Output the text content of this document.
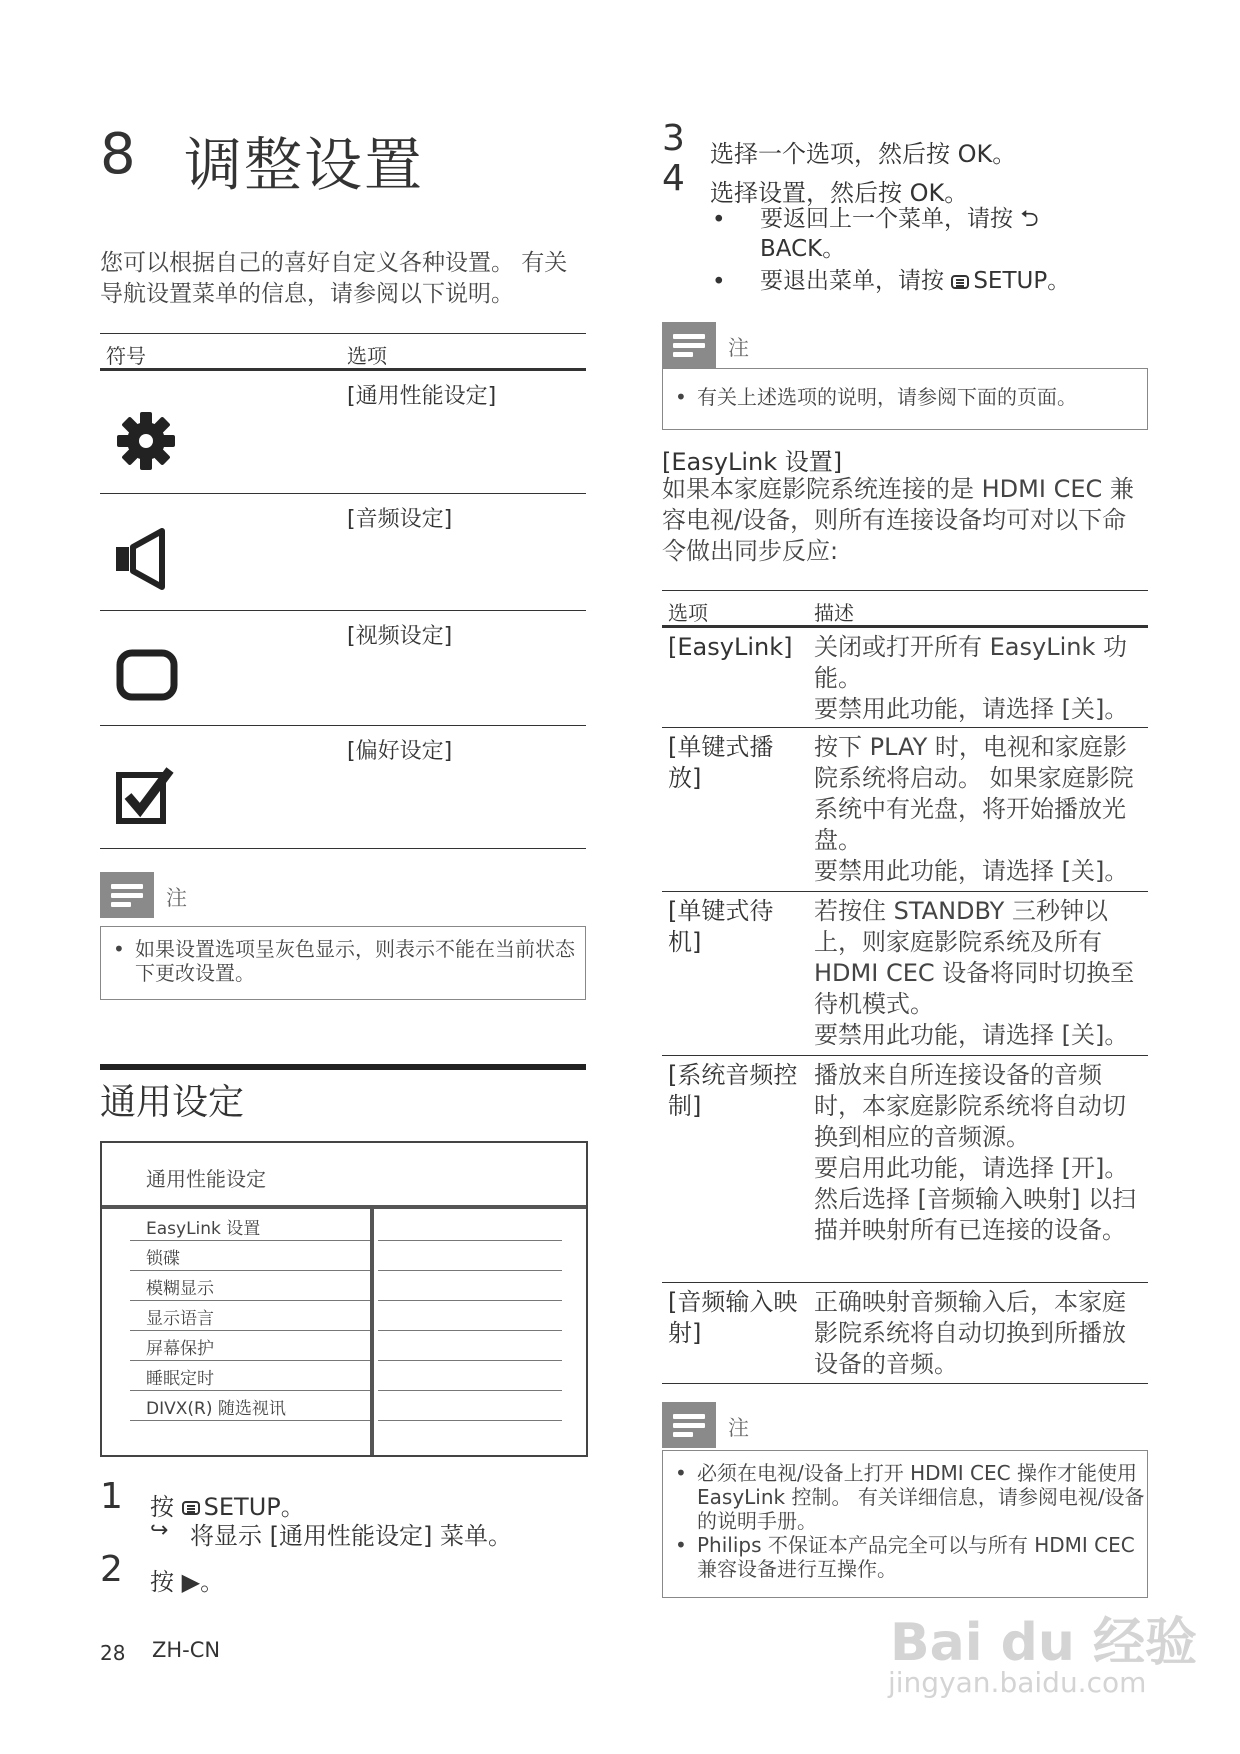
8 调整设置
您可以根据自己的喜好自定义各种设置。 有关导航设置菜单的信息，请参阅以下说明。
符号	选项
[通用性能设定]
[音频设定]
[视频设定]
[偏好设定]
注
• 如果设置选项呈灰色显示，则表示不能在当前状态下更改设置。
通用设定
通用性能设定
EasyLink 设置
锁碟
模糊显示
显示语言
屏幕保护
睡眠定时
DIVX(R) 随选视讯
1 按 SETUP。
↪ 将显示 [通用性能设定] 菜单。
2 按 ▶。
28 ZH-CN
3 选择一个选项，然后按 OK。
4 选择设置，然后按 OK。
• 要返回上一个菜单，请按 ⮌
BACK。
• 要退出菜单，请按 SETUP。
注
• 有关上述选项的说明，请参阅下面的页面。
[EasyLink 设置]
如果本家庭影院系统连接的是 HDMI CEC 兼容电视/设备，则所有连接设备均可对以下命令做出同步反应:
选项	描述
[EasyLink] 关闭或打开所有 EasyLink 功能。
要禁用此功能，请选择 [关]。
[单键式播放]
按下 PLAY 时，电视和家庭影院系统将启动。 如果家庭影院系统中有光盘，将开始播放光盘。
要禁用此功能，请选择 [关]。
[单键式待机]
若按住 STANDBY 三秒钟以上，则家庭影院系统及所有 HDMI CEC 设备将同时切换至待机模式。
要禁用此功能，请选择 [关]。
[系统音频控制]
播放来自所连接设备的音频时，本家庭影院系统将自动切换到相应的音频源。
要启用此功能，请选择 [开]。然后选择 [音频输入映射] 以扫描并映射所有已连接的设备。
[音频输入映射]
正确映射音频输入后，本家庭影院系统将自动切换到所播放设备的音频。
注
• 必须在电视/设备上打开 HDMI CEC 操作才能使用 EasyLink 控制。 有关详细信息，请参阅电视/设备的说明手册。
• Philips 不保证本产品完全可以与所有 HDMI CEC 兼容设备进行互操作。
Bai du 经验
jingyan.baidu.com
